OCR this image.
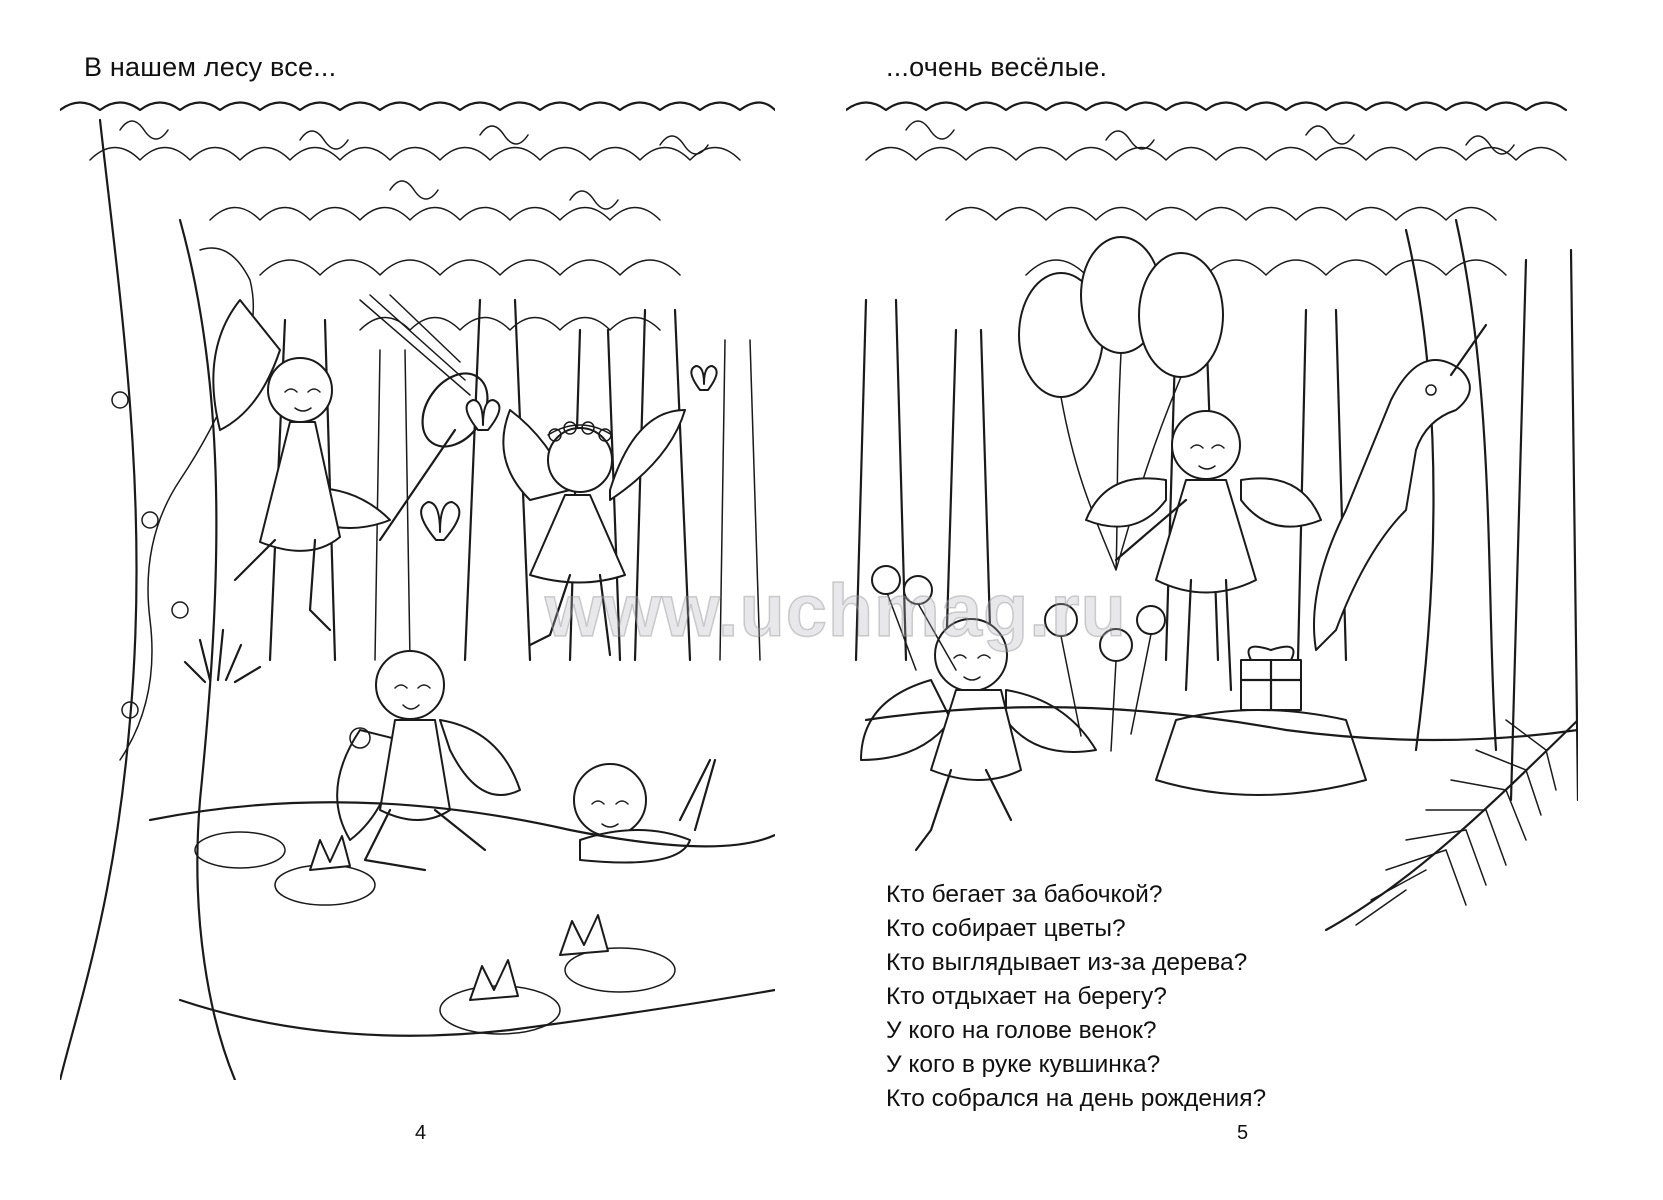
В нашем лесу все...
4
...очень весёлые.
Кто бегает за бабочкой?
Кто собирает цветы?
Кто выглядывает из-за дерева?
Кто отдыхает на берегу?
У кого на голове венок?
У кого в руке кувшинка?
Кто собрался на день рождения?
5
www.uchmag.ru
